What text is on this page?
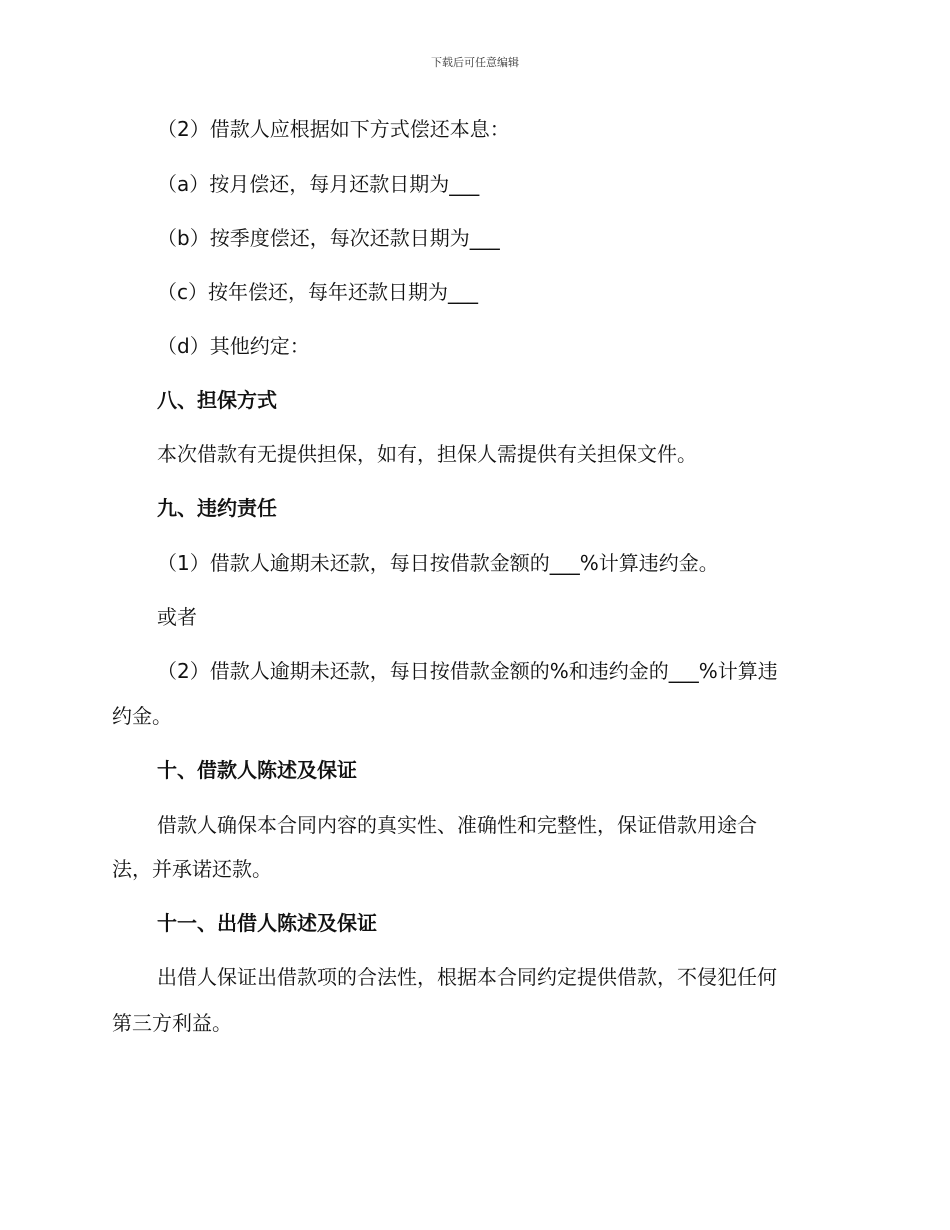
下载后可任意编辑
（2）借款人应根据如下方式偿还本息：
（a）按月偿还，每月还款日期为___
（b）按季度偿还，每次还款日期为___
（c）按年偿还，每年还款日期为___
（d）其他约定：
八、担保方式
本次借款有无提供担保，如有，担保人需提供有关担保文件。
九、违约责任
（1）借款人逾期未还款，每日按借款金额的___%计算违约金。
或者
（2）借款人逾期未还款，每日按借款金额的%和违约金的___%计算违
约金。
十、借款人陈述及保证
借款人确保本合同内容的真实性、准确性和完整性，保证借款用途合
法，并承诺还款。
十一、出借人陈述及保证
出借人保证出借款项的合法性，根据本合同约定提供借款，不侵犯任何
第三方利益。
